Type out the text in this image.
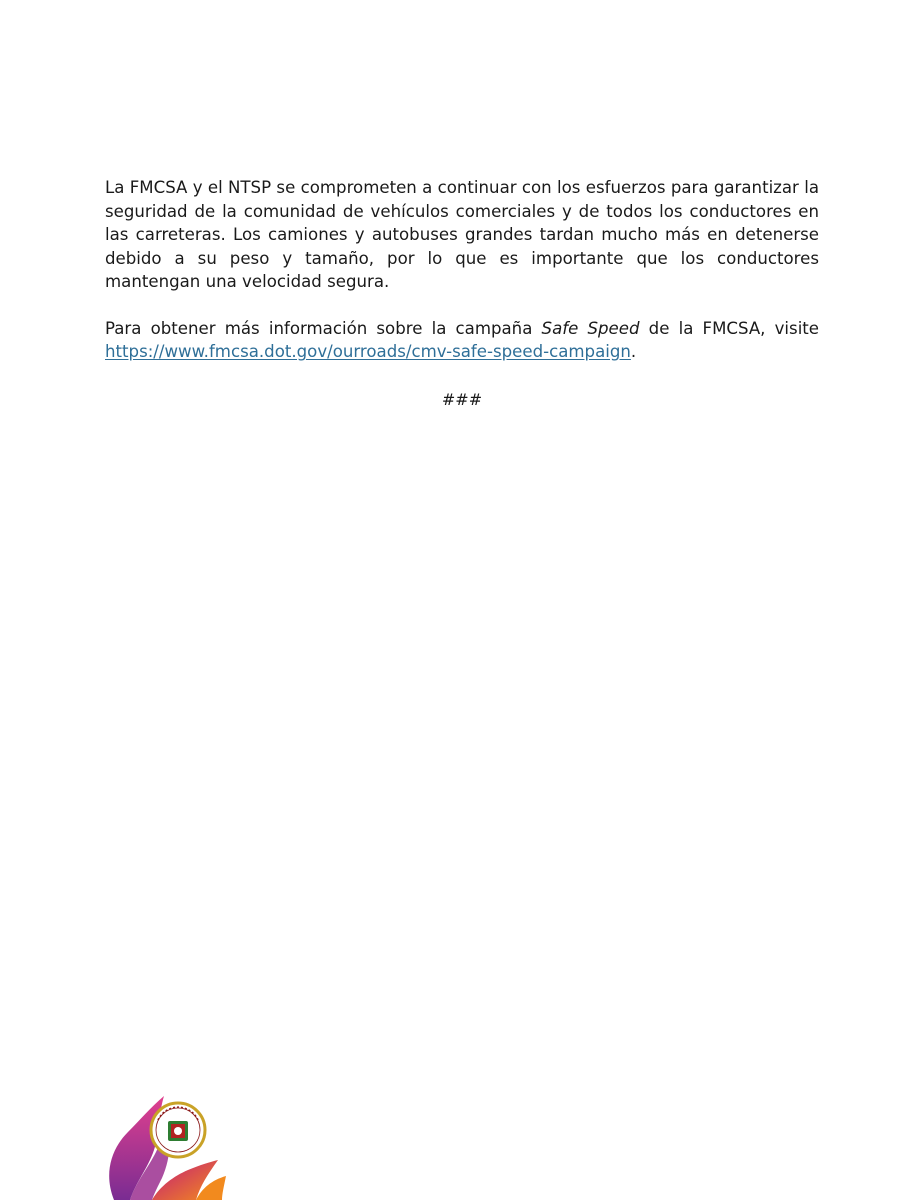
La FMCSA y el NTSP se comprometen a continuar con los esfuerzos para garantizar la seguridad de la comunidad de vehículos comerciales y de todos los conductores en las carreteras. Los camiones y autobuses grandes tardan mucho más en detenerse debido a su peso y tamaño, por lo que es importante que los conductores mantengan una velocidad segura.

Para obtener más información sobre la campaña Safe Speed de la FMCSA, visite https://www.fmcsa.dot.gov/ourroads/cmv-safe-speed-campaign.

###
